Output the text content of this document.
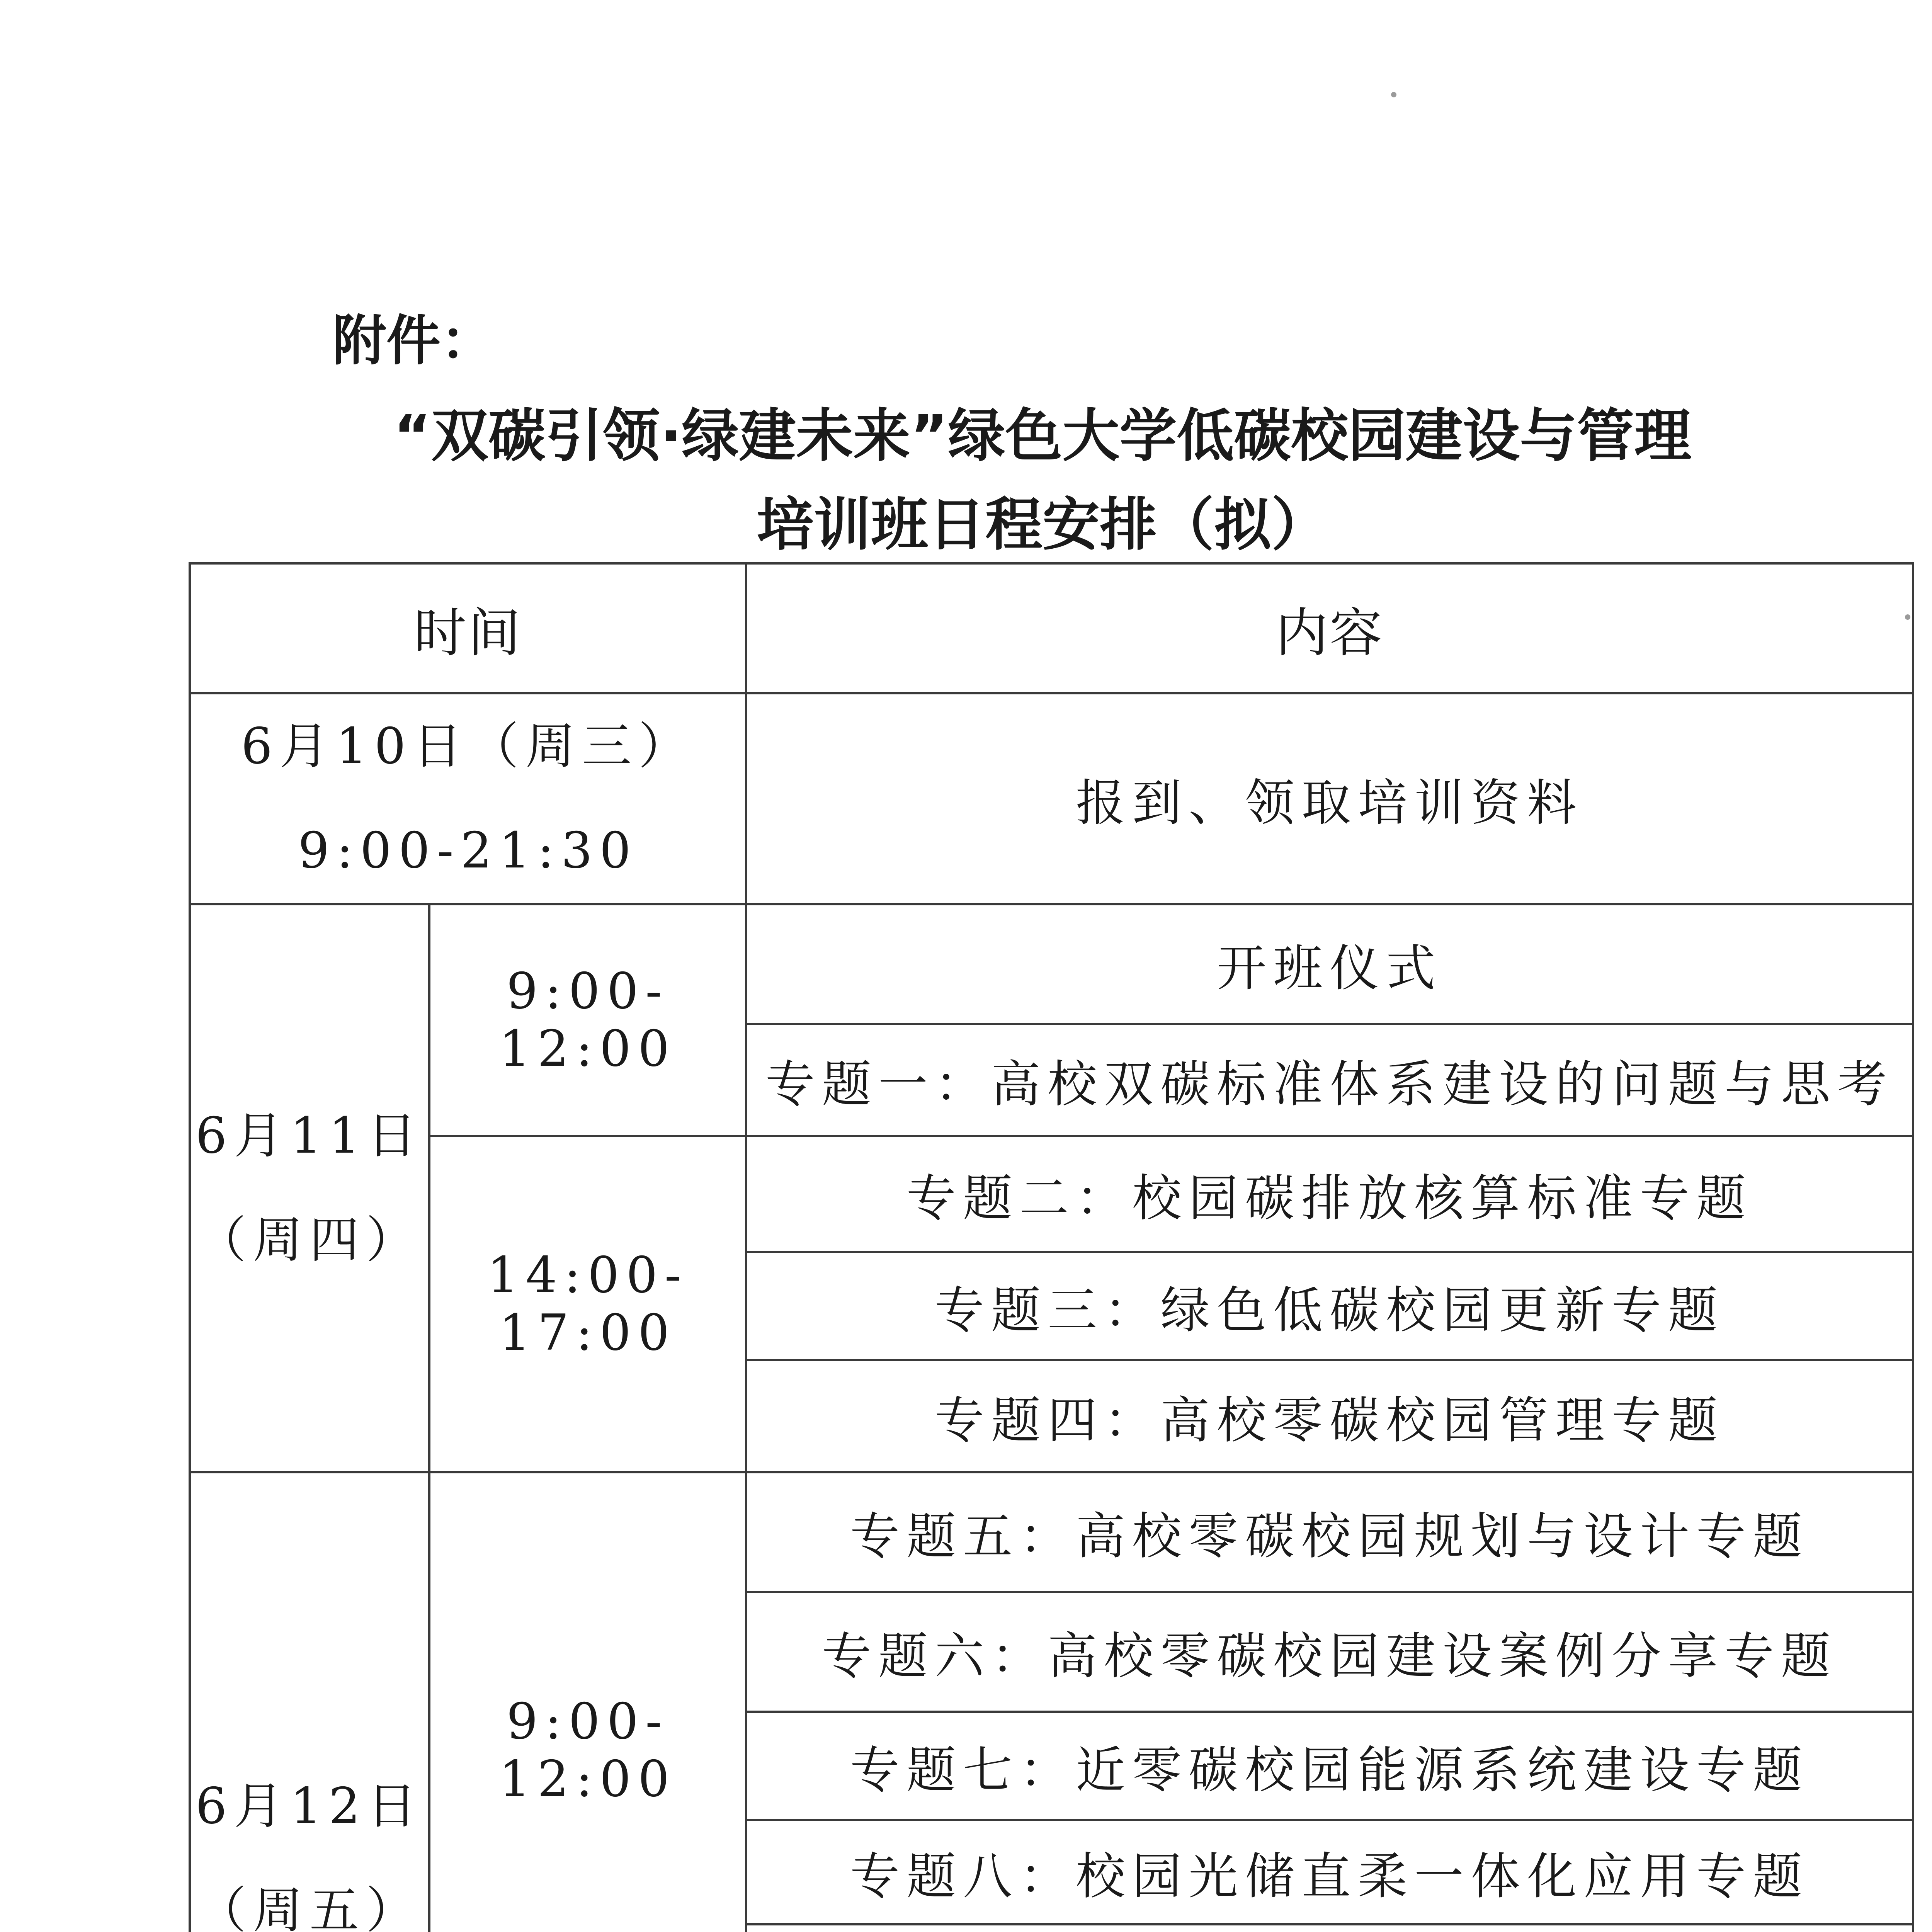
附件：
“双碳引领·绿建未来”绿色大学低碳校园建设与管理
培训班日程安排（拟）
时间		内容

6月10日（周三）
9:00-21:30		报到、领取培训资料

6月11日
（周四）	9:00-12:00	开班仪式
		专题一：高校双碳标准体系建设的问题与思考
	14:00-17:00	专题二：校园碳排放核算标准专题
		专题三：绿色低碳校园更新专题
		专题四：高校零碳校园管理专题

6月12日
（周五）	9:00-12:00	专题五：高校零碳校园规划与设计专题
		专题六：高校零碳校园建设案例分享专题
		专题七：近零碳校园能源系统建设专题
		专题八：校园光储直柔一体化应用专题
